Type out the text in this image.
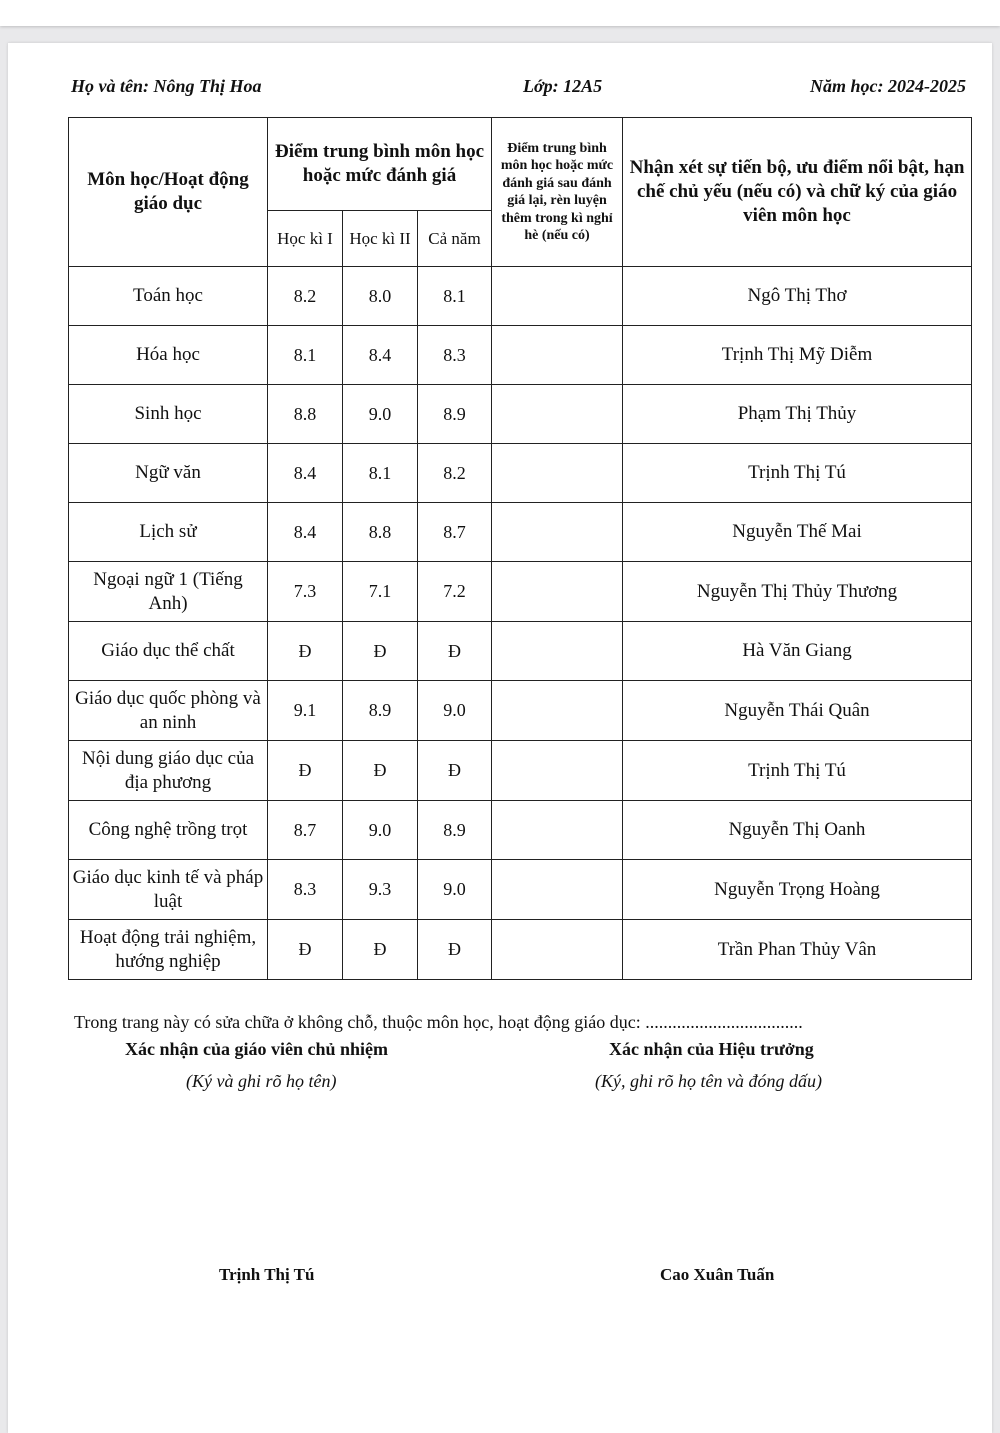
Họ và tên: Nông Thị Hoa	Lớp: 12A5	Năm học: 2024-2025
Môn học/Hoạt động giáo dục	Điểm trung bình môn học hoặc mức đánh giá			Điểm trung bình môn học hoặc mức đánh giá sau đánh giá lại, rèn luyện thêm trong kì nghỉ hè (nếu có)	Nhận xét sự tiến bộ, ưu điểm nổi bật, hạn chế chủ yếu (nếu có) và chữ ký của giáo viên môn học
	Học kì I	Học kì II	Cả năm		
Toán học	8.2	8.0	8.1		Ngô Thị Thơ
Hóa học	8.1	8.4	8.3		Trịnh Thị Mỹ Diễm
Sinh học	8.8	9.0	8.9		Phạm Thị Thủy
Ngữ văn	8.4	8.1	8.2		Trịnh Thị Tú
Lịch sử	8.4	8.8	8.7		Nguyễn Thế Mai
Ngoại ngữ 1 (Tiếng Anh)	7.3	7.1	7.2		Nguyễn Thị Thủy Thương
Giáo dục thể chất	Đ	Đ	Đ		Hà Văn Giang
Giáo dục quốc phòng và an ninh	9.1	8.9	9.0		Nguyễn Thái Quân
Nội dung giáo dục của địa phương	Đ	Đ	Đ		Trịnh Thị Tú
Công nghệ trồng trọt	8.7	9.0	8.9		Nguyễn Thị Oanh
Giáo dục kinh tế và pháp luật	8.3	9.3	9.0		Nguyễn Trọng Hoàng
Hoạt động trải nghiệm, hướng nghiệp	Đ	Đ	Đ		Trần Phan Thủy Vân
Trong trang này có sửa chữa ở không chỗ, thuộc môn học, hoạt động giáo dục: ...................................
Xác nhận của giáo viên chủ nhiệm
(Ký và ghi rõ họ tên)
Trịnh Thị Tú
Xác nhận của Hiệu trưởng
(Ký, ghi rõ họ tên và đóng dấu)
Cao Xuân Tuấn
